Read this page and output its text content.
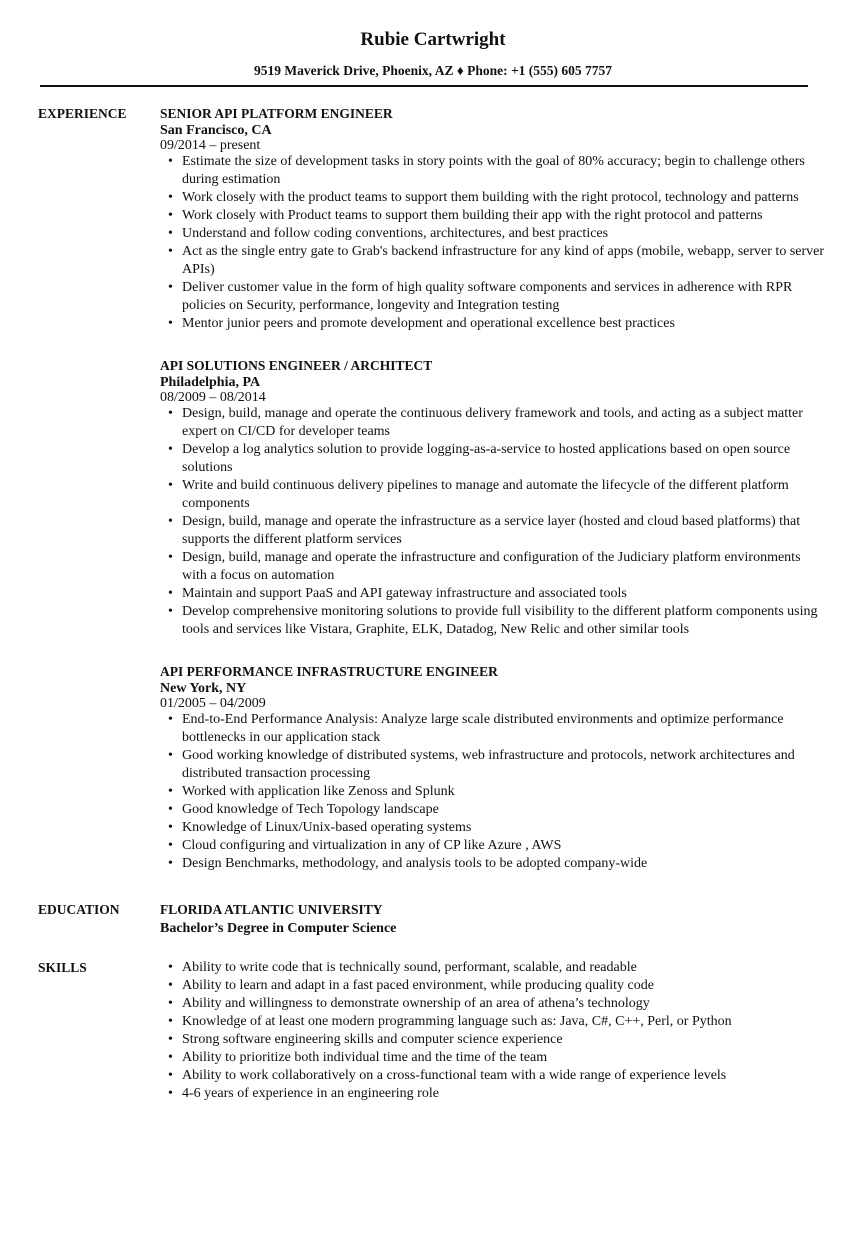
Rubie Cartwright
9519 Maverick Drive, Phoenix, AZ ♦ Phone: +1 (555) 605 7757
EXPERIENCE	SENIOR API PLATFORM ENGINEER
San Francisco, CA
09/2014 – present
• Estimate the size of development tasks in story points with the goal of 80% accuracy; begin to challenge others during estimation
• Work closely with the product teams to support them building with the right protocol, technology and patterns
• Work closely with Product teams to support them building their app with the right protocol and patterns
• Understand and follow coding conventions, architectures, and best practices
• Act as the single entry gate to Grab's backend infrastructure for any kind of apps (mobile, webapp, server to server APIs)
• Deliver customer value in the form of high quality software components and services in adherence with RPR policies on Security, performance, longevity and Integration testing
• Mentor junior peers and promote development and operational excellence best practices
API SOLUTIONS ENGINEER / ARCHITECT
Philadelphia, PA
08/2009 – 08/2014
• Design, build, manage and operate the continuous delivery framework and tools, and acting as a subject matter expert on CI/CD for developer teams
• Develop a log analytics solution to provide logging-as-a-service to hosted applications based on open source solutions
• Write and build continuous delivery pipelines to manage and automate the lifecycle of the different platform components
• Design, build, manage and operate the infrastructure as a service layer (hosted and cloud based platforms) that supports the different platform services
• Design, build, manage and operate the infrastructure and configuration of the Judiciary platform environments with a focus on automation
• Maintain and support PaaS and API gateway infrastructure and associated tools
• Develop comprehensive monitoring solutions to provide full visibility to the different platform components using tools and services like Vistara, Graphite, ELK, Datadog, New Relic and other similar tools
API PERFORMANCE INFRASTRUCTURE ENGINEER
New York, NY
01/2005 – 04/2009
• End-to-End Performance Analysis: Analyze large scale distributed environments and optimize performance bottlenecks in our application stack
• Good working knowledge of distributed systems, web infrastructure and protocols, network architectures and distributed transaction processing
• Worked with application like Zenoss and Splunk
• Good knowledge of Tech Topology landscape
• Knowledge of Linux/Unix-based operating systems
• Cloud configuring and virtualization in any of CP like Azure , AWS
• Design Benchmarks, methodology, and analysis tools to be adopted company-wide
EDUCATION	FLORIDA ATLANTIC UNIVERSITY
Bachelor’s Degree in Computer Science
SKILLS
•	Ability to write code that is technically sound, performant, scalable, and readable
• Ability to learn and adapt in a fast paced environment, while producing quality code
• Ability and willingness to demonstrate ownership of an area of athena’s technology
• Knowledge of at least one modern programming language such as: Java, C#, C++, Perl, or Python
• Strong software engineering skills and computer science experience
• Ability to prioritize both individual time and the time of the team
• Ability to work collaboratively on a cross-functional team with a wide range of experience levels
• 4-6 years of experience in an engineering role
